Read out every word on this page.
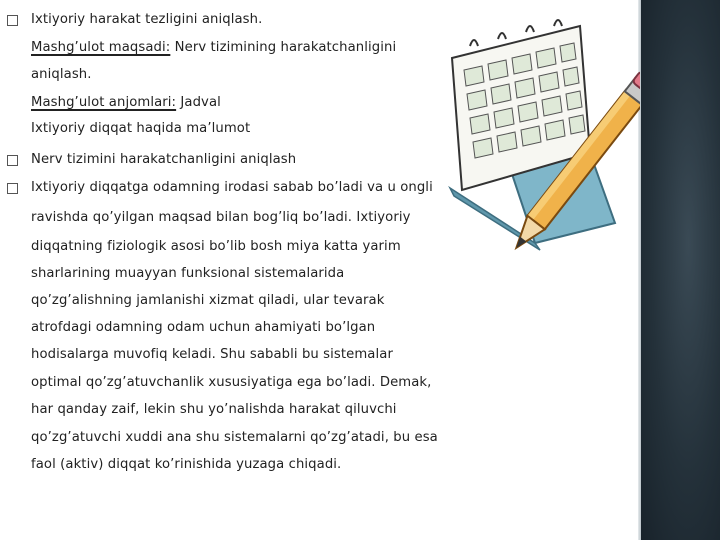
Ixtiyoriy harakat tezligini aniqlash.
Mashg’ulot maqsadi: Nerv tizimining harakatchanligini
aniqlash.
Mashg’ulot anjomlari: Jadval
Ixtiyoriy diqqat haqida ma’lumot
Nerv tizimini harakatchanligini aniqlash
Ixtiyoriy diqqatga odamning irodasi sabab bo’ladi va u ongli
ravishda qo’yilgan maqsad bilan bog’liq bo’ladi. Ixtiyoriy
diqqatning fiziologik asosi bo’lib bosh miya katta yarim
sharlarining muayyan funksional sistemalarida
qo’zg’alishning jamlanishi xizmat qiladi, ular tevarak
atrofdagi odamning odam uchun ahamiyati bo’lgan
hodisalarga muvofiq keladi. Shu sababli bu sistemalar
optimal qo’zg’atuvchanlik xususiyatiga ega bo’ladi. Demak,
har qanday zaif, lekin shu yo’nalishda harakat qiluvchi
qo’zg’atuvchi xuddi ana shu sistemalarni qo’zg’atadi, bu esa
faol (aktiv) diqqat ko’rinishida yuzaga chiqadi.
